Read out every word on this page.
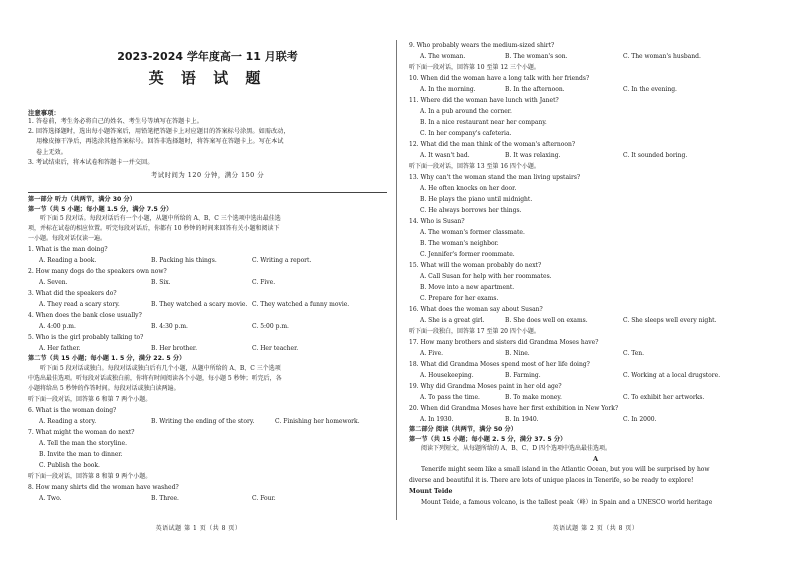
2023-2024 学年度高一 11 月联考
英 语 试 题
注意事项：

1. 答卷前，考生务必将自己的姓名、考生号等填写在答题卡上。

2. 回答选择题时，选出每小题答案后，用铅笔把答题卡上对应题目的答案标号涂黑。如需改动，

用橡皮擦干净后，再选涂其他答案标号。回答非选择题时，将答案写在答题卡上。写在本试

卷上无效。

3. 考试结束后，将本试卷和答题卡一并交回。

考试时间为 120 分钟，满分 150 分
第一部分 听力（共两节，满分 30 分）
第一节（共 5 小题；每小题 1.5 分，满分 7.5 分）

听下面 5 段对话。每段对话后有一个小题，从题中所给的 A、B、C 三个选项中选出最佳选

项，并标在试卷的相应位置。听完每段对话后，你都有 10 秒钟的时间来回答有关小题和阅读下

一小题。每段对话仅读一遍。

1. What is the man doing?
A. Reading a book.	B. Packing his things.	C. Writing a report.
2. How many dogs do the speakers own now?
A. Seven.	B. Six.	C. Five.
3. What did the speakers do?
A. They read a scary story.	B. They watched a scary movie. C. They watched a funny movie.
4. When does the bank close usually?
A. 4:00 p.m.	B. 4:30 p.m.	C. 5:00 p.m.
5. Who is the girl probably talking to?
A. Her father.	B. Her brother.	C. Her teacher.
第二节（共 15 小题；每小题 1. 5 分，满分 22. 5 分）

听下面 5 段对话或独白。每段对话或独白后有几个小题，从题中所给的 A、B、C 三个选项

中选出最佳选项。听每段对话或独白前，你将有时间阅读各个小题，每小题 5 秒钟；听完后，各

小题将给出 5 秒钟的作答时间。每段对话或独白读两遍。

听下面一段对话，回答第 6 和第 7 两个小题。
6. What is the woman doing?
A. Reading a story.	B. Writing the ending of the story.	C. Finishing her homework.
7. What might the woman do next?
A. Tell the man the storyline.
B. Invite the man to dinner.
C. Publish the book.
听下面一段对话，回答第 8 和第 9 两个小题。
8. How many shirts did the woman have washed?
A. Two.	B. Three.	C. Four.
英语试题 第 1 页（共 8 页）
9. Who probably wears the medium-sized shirt?
A. The woman.	B. The woman's son.	C. The woman's husband.
听下面一段对话，回答第 10 至第 12 三个小题。
10. When did the woman have a long talk with her friends?
A. In the morning.	B. In the afternoon.	C. In the evening.
11. Where did the woman have lunch with Janet?
A. In a pub around the corner.
B. In a nice restaurant near her company.
C. In her company's cafeteria.
12. What did the man think of the woman's afternoon?
A. It wasn't bad.	B. It was relaxing.	C. It sounded boring.
听下面一段对话，回答第 13 至第 16 四个小题。
13. Why can't the woman stand the man living upstairs?
A. He often knocks on her door.
B. He plays the piano until midnight.
C. He always borrows her things.
14. Who is Susan?
A. The woman's former classmate.
B. The woman's neighbor.
C. Jennifer's former roommate.
15. What will the woman probably do next?
A. Call Susan for help with her roommates.
B. Move into a new apartment.
C. Prepare for her exams.
16. What does the woman say about Susan?
A. She is a great girl.	B. She does well on exams.	C. She sleeps well every night.
听下面一段独白，回答第 17 至第 20 四个小题。
17. How many brothers and sisters did Grandma Moses have?
A. Five.	B. Nine.	C. Ten.
18. What did Grandma Moses spend most of her life doing?
A. Housekeeping.	B. Farming.	C. Working at a local drugstore.
19. Why did Grandma Moses paint in her old age?
A. To pass the time.	B. To make money.	C. To exhibit her artworks.
20. When did Grandma Moses have her first exhibition in New York?
A. In 1930.	B. In 1940.	C. In 2000.
第二部分 阅读（共两节，满分 50 分）
第一节（共 15 小题；每小题 2. 5 分，满分 37. 5 分）

阅读下列短文，从每题所给的 A、B、C、D 四个选项中选出最佳选项。

A

Tenerife might seem like a small island in the Atlantic Ocean, but you will be surprised by how

diverse and beautiful it is. There are lots of unique places in Tenerife, so be ready to explore!

Mount Teide

Mount Teide, a famous volcano, is the tallest peak（峰）in Spain and a UNESCO world heritage

英语试题 第 2 页（共 8 页）
